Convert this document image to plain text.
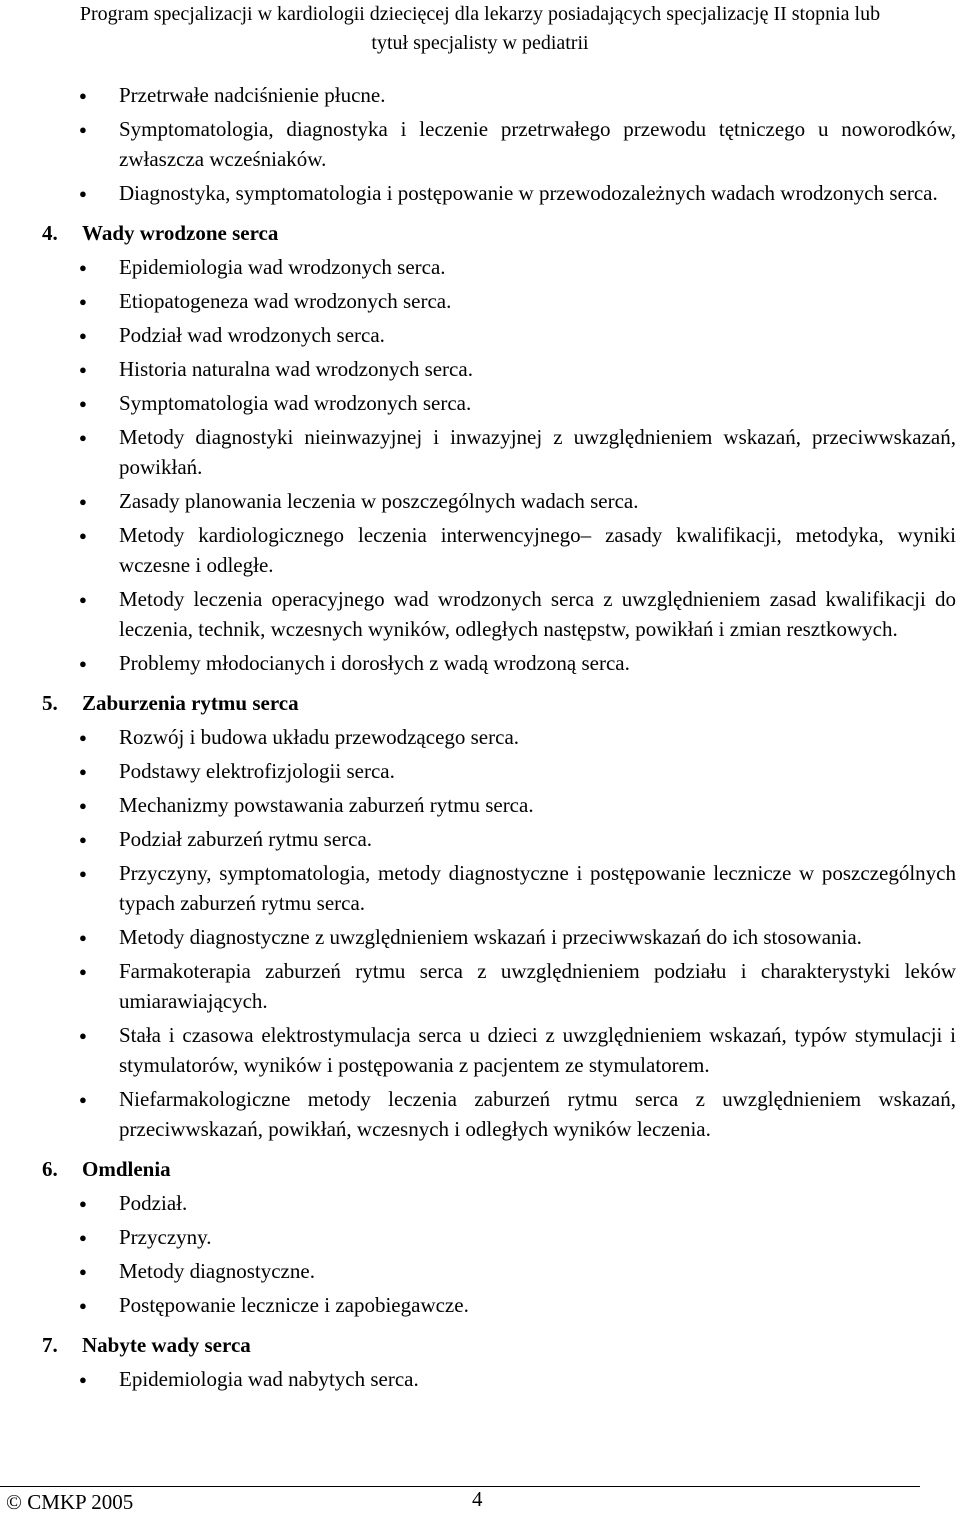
Program specjalizacji w kardiologii dziecięcej dla lekarzy posiadających specjalizację II stopnia lub
tytuł specjalisty w pediatrii
● Przetrwałe nadciśnienie płucne.
● Symptomatologia, diagnostyka i leczenie przetrwałego przewodu tętniczego u noworodków, zwłaszcza wcześniaków.
● Diagnostyka, symptomatologia i postępowanie w przewodozależnych wadach wrodzonych serca.
4. Wady wrodzone serca
● Epidemiologia wad wrodzonych serca.
● Etiopatogeneza wad wrodzonych serca.
● Podział wad wrodzonych serca.
● Historia naturalna wad wrodzonych serca.
● Symptomatologia wad wrodzonych serca.
● Metody diagnostyki nieinwazyjnej i inwazyjnej z uwzględnieniem wskazań, przeciwwskazań, powikłań.
● Zasady planowania leczenia w poszczególnych wadach serca.
● Metody kardiologicznego leczenia interwencyjnego– zasady kwalifikacji, metodyka, wyniki wczesne i odległe.
● Metody leczenia operacyjnego wad wrodzonych serca z uwzględnieniem zasad kwalifikacji do leczenia, technik, wczesnych wyników, odległych następstw, powikłań i zmian resztkowych.
● Problemy młodocianych i dorosłych z wadą wrodzoną serca.
5. Zaburzenia rytmu serca
● Rozwój i budowa układu przewodzącego serca.
● Podstawy elektrofizjologii serca.
● Mechanizmy powstawania zaburzeń rytmu serca.
● Podział zaburzeń rytmu serca.
● Przyczyny, symptomatologia, metody diagnostyczne i postępowanie lecznicze w poszczególnych typach zaburzeń rytmu serca.
● Metody diagnostyczne z uwzględnieniem wskazań i przeciwwskazań do ich stosowania.
● Farmakoterapia zaburzeń rytmu serca z uwzględnieniem podziału i charakterystyki leków umiarawiających.
● Stała i czasowa elektrostymulacja serca u dzieci z uwzględnieniem wskazań, typów stymulacji i stymulatorów, wyników i postępowania z pacjentem ze stymulatorem.
● Niefarmakologiczne metody leczenia zaburzeń rytmu serca z uwzględnieniem wskazań, przeciwwskazań, powikłań, wczesnych i odległych wyników leczenia.
6. Omdlenia
● Podział.
● Przyczyny.
● Metody diagnostyczne.
● Postępowanie lecznicze i zapobiegawcze.
7. Nabyte wady serca
● Epidemiologia wad nabytych serca.
© CMKP 2005	4
